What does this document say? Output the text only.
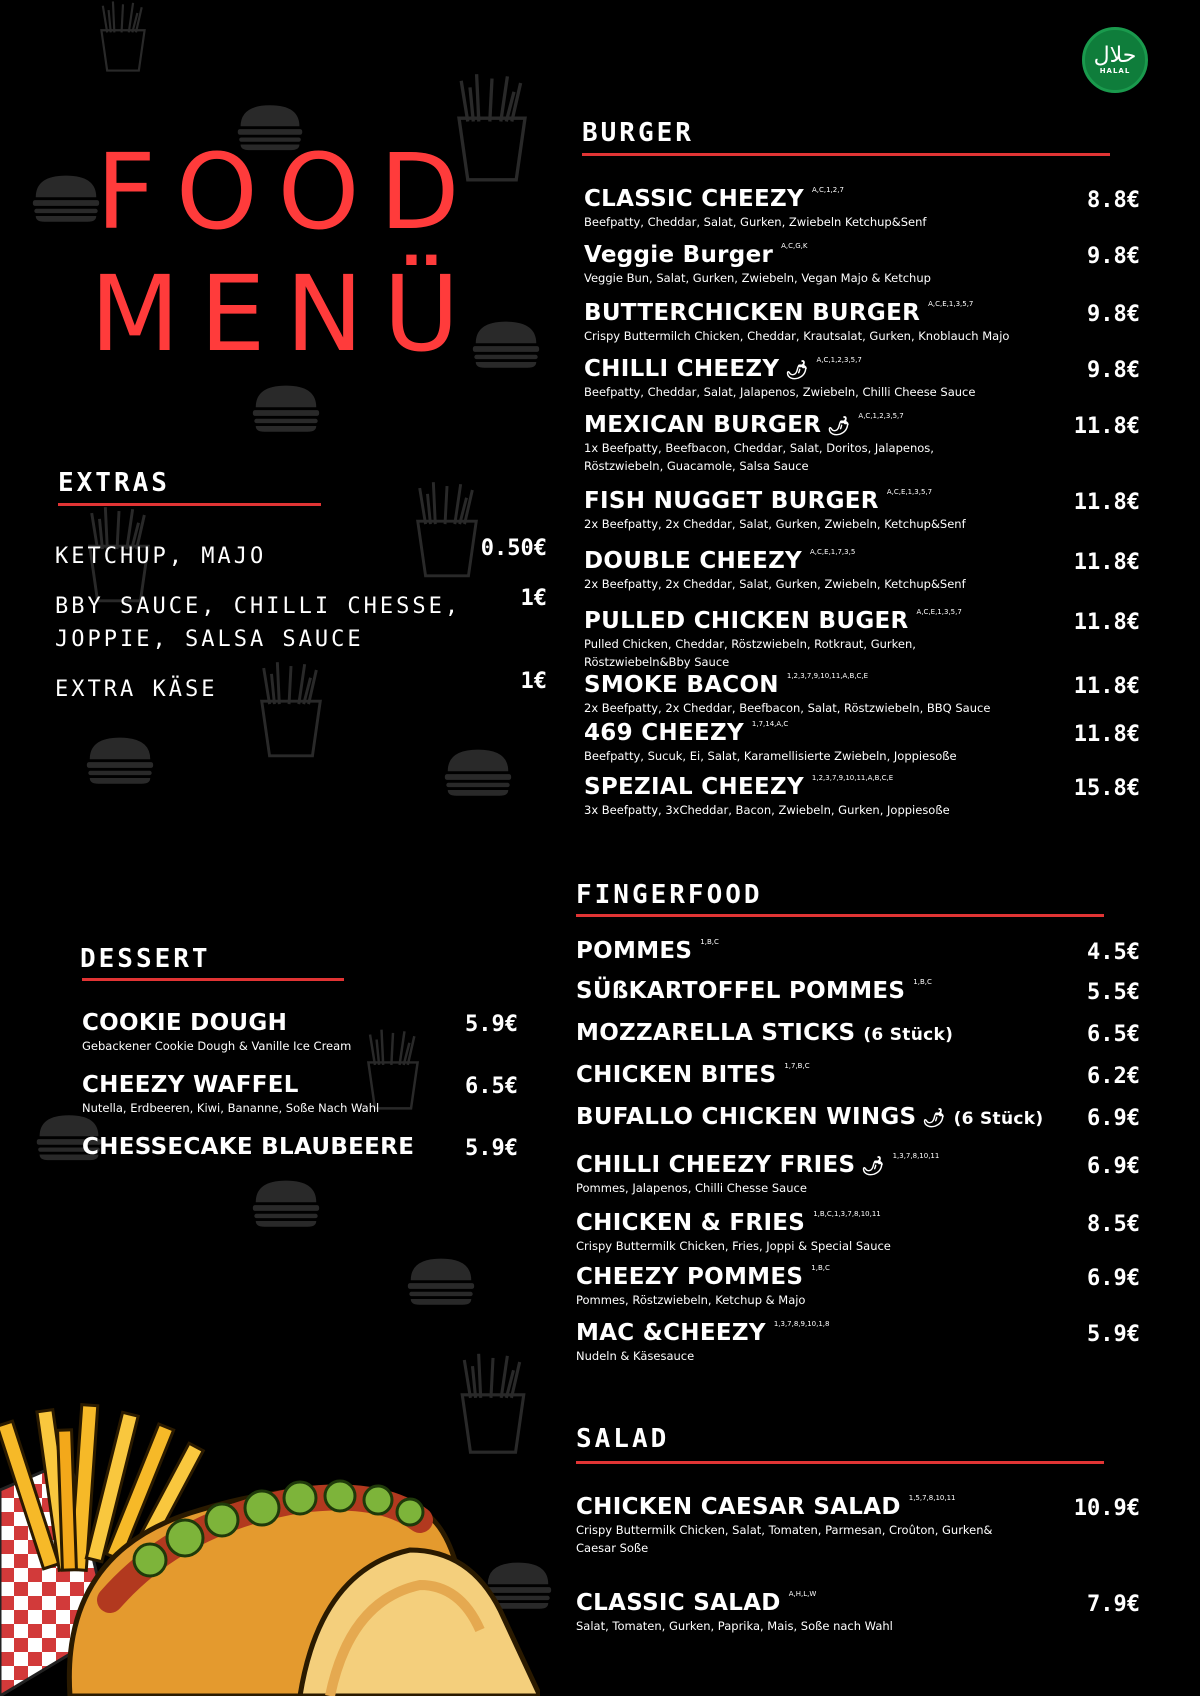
حلال
HALAL
FOOD
MENÜ
EXTRAS
KETCHUP, MAJO	0.50€
BBY SAUCE, CHILLI CHESSE,
JOPPIE, SALSA SAUCE
1€
EXTRA KÄSE	1€
DESSERT
COOKIE DOUGH
Gebackener Cookie Dough & Vanille Ice Cream
5.9€
CHEEZY WAFFEL
Nutella, Erdbeeren, Kiwi, Bananne, Soße Nach Wahl
6.5€
CHESSECAKE BLAUBEERE	5.9€
BURGER
CLASSIC CHEEZY $^{A,C,1,2,7}$
Beefpatty, Cheddar, Salat, Gurken, Zwiebeln Ketchup&Senf
8.8€
Veggie Burger $^{A,C,G,K}$
Veggie Bun, Salat, Gurken, Zwiebeln, Vegan Majo & Ketchup
9.8€
BUTTERCHICKEN BURGER $^{A,C,E,1,3,5,7}$
Crispy Buttermilch Chicken, Cheddar, Krautsalat, Gurken, Knoblauch Majo
9.8€
CHILLI CHEEZY 🌶 $^{A,C,1,2,3,5,7}$
Beefpatty, Cheddar, Salat, Jalapenos, Zwiebeln, Chilli Cheese Sauce
9.8€
MEXICAN BURGER 🌶 $^{A,C,1,2,3,5,7}$
1x Beefpatty, Beefbacon, Cheddar, Salat, Doritos, Jalapenos,
Röstzwiebeln, Guacamole, Salsa Sauce
11.8€
FISH NUGGET BURGER $^{A,C,E,1,3,5,7}$
2x Beefpatty, 2x Cheddar, Salat, Gurken, Zwiebeln, Ketchup&Senf
11.8€
DOUBLE CHEEZY $^{A,C,E,1,7,3,5}$
2x Beefpatty, 2x Cheddar, Salat, Gurken, Zwiebeln, Ketchup&Senf
11.8€
PULLED CHICKEN BUGER $^{A,C,E,1,3,5,7}$
Pulled Chicken, Cheddar, Röstzwiebeln, Rotkraut, Gurken,
Röstzwiebeln&Bby Sauce
11.8€
SMOKE BACON $^{1,2,3,7,9,10,11,A,B,C,E}$
2x Beefpatty, 2x Cheddar, Beefbacon, Salat, Röstzwiebeln, BBQ Sauce
11.8€
469 CHEEZY $^{1,7,14,A,C}$
Beefpatty, Sucuk, Ei, Salat, Karamellisierte Zwiebeln, Joppiesoße
11.8€
SPEZIAL CHEEZY $^{1,2,3,7,9,10,11,A,B,C,E}$
3x Beefpatty, 3xCheddar, Bacon, Zwiebeln, Gurken, Joppiesoße
15.8€
FINGERFOOD
POMMES $^{1,B,C}$	4.5€
SÜßKARTOFFEL POMMES $^{1,B,C}$	5.5€
MOZZARELLA STICKS (6 Stück)	6.5€
CHICKEN BITES $^{1,7,B,C}$	6.2€
BUFALLO CHICKEN WINGS 🌶 (6 Stück)	6.9€
CHILLI CHEEZY FRIES 🌶 $^{1,3,7,8,10,11}$
Pommes, Jalapenos, Chilli Chesse Sauce
6.9€
CHICKEN & FRIES $^{1,B,C,1,3,7,8,10,11}$
Crispy Buttermilk Chicken, Fries, Joppi & Special Sauce
8.5€
CHEEZY POMMES $^{1,B,C}$
Pommes, Röstzwiebeln, Ketchup & Majo
6.9€
MAC &CHEEZY $^{1,3,7,8,9,10,1,8}$
Nudeln & Käsesauce
5.9€
SALAD
CHICKEN CAESAR SALAD $^{1,5,7,8,10,11}$
Crispy Buttermilk Chicken, Salat, Tomaten, Parmesan, Croûton, Gurken&
Caesar Soße
10.9€
CLASSIC SALAD $^{A,H,L,W}$
Salat, Tomaten, Gurken, Paprika, Mais, Soße nach Wahl
7.9€
